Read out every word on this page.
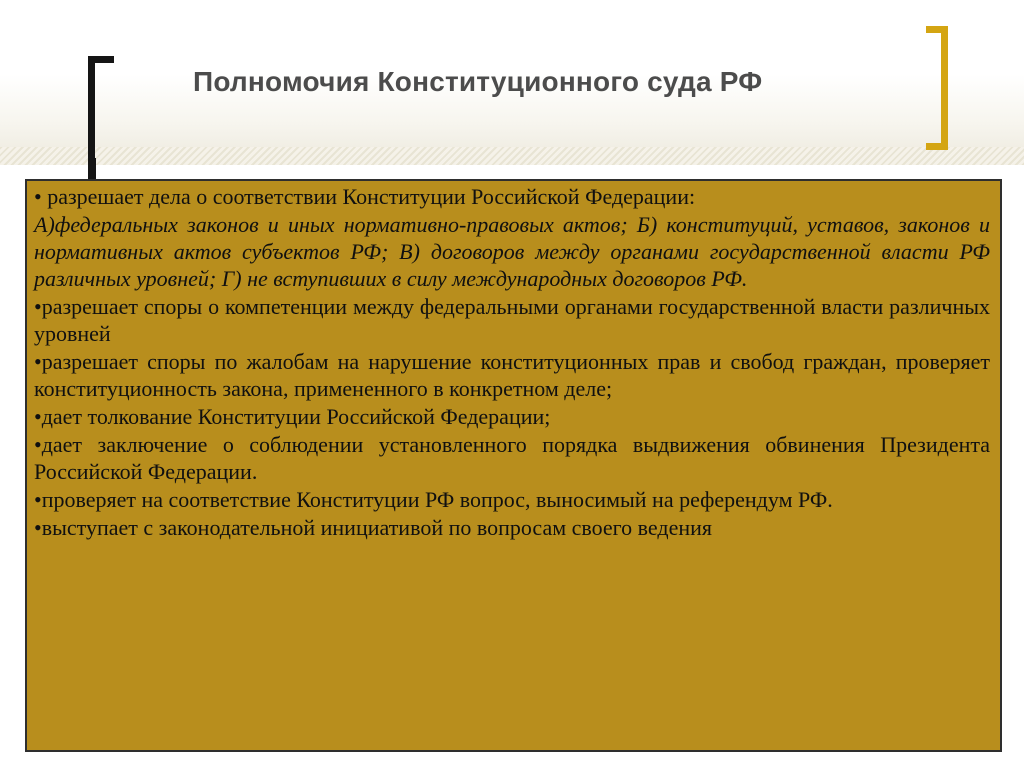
Полномочия Конституционного суда РФ

• разрешает дела о соответствии Конституции Российской Федерации:

А)федеральных законов и иных нормативно-правовых актов; Б) конституций, уставов, законов и нормативных актов субъектов РФ; В) договоров между органами государственной власти РФ различных уровней; Г) не вступивших в силу международных договоров РФ.

•разрешает споры о компетенции между федеральными органами государственной власти различных уровней

•разрешает споры по жалобам на нарушение конституционных прав и свобод граждан, проверяет конституционность закона, примененного в конкретном деле;

•дает толкование Конституции Российской Федерации;

•дает заключение о соблюдении установленного порядка выдвижения обвинения Президента Российской Федерации.

•проверяет на соответствие Конституции РФ вопрос, выносимый на референдум РФ.

•выступает с законодательной инициативой по вопросам своего ведения
